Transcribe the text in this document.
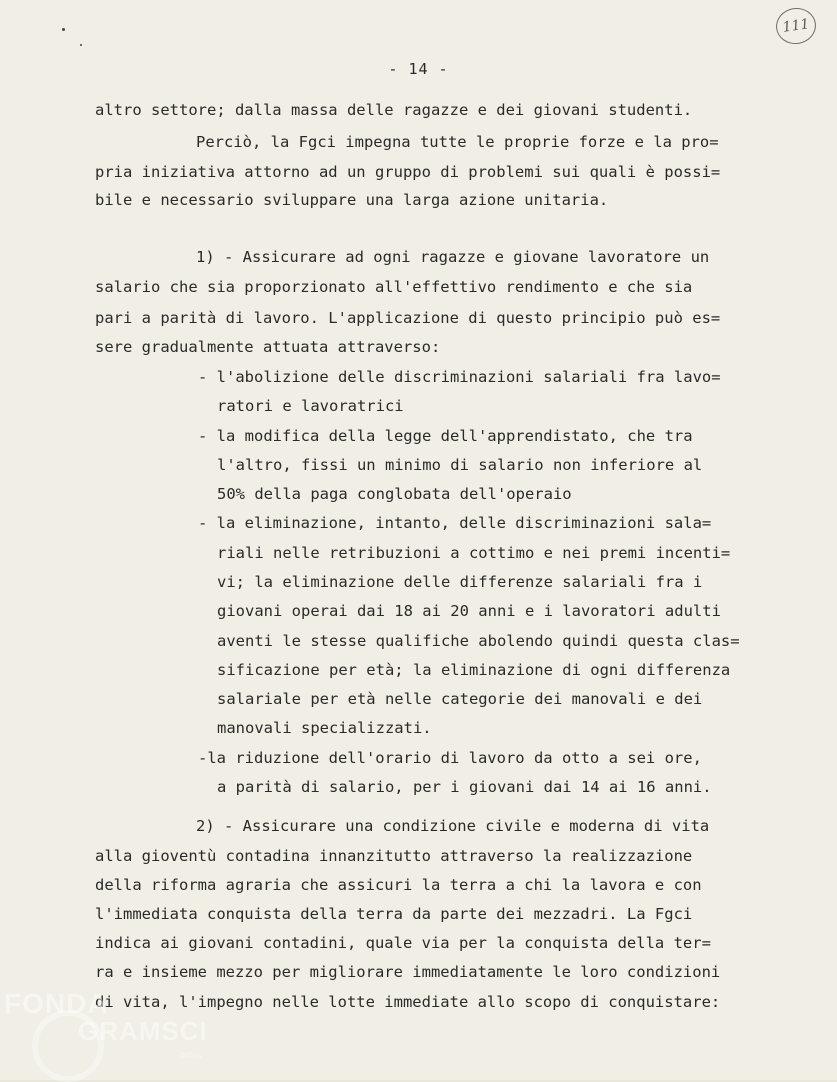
111
- 14 -
altro settore; dalla massa delle ragazze e dei giovani studenti.
Perciò, la Fgci impegna tutte le proprie forze e la pro=
pria iniziativa attorno ad un gruppo di problemi sui quali è possi=
bile e necessario sviluppare una larga azione unitaria.
1) - Assicurare ad ogni ragazze e giovane lavoratore un
salario che sia proporzionato all'effettivo rendimento e che sia
pari a parità di lavoro. L'applicazione di questo principio può es=
sere gradualmente attuata attraverso:
- l'abolizione delle discriminazioni salariali fra lavo=
ratori e lavoratrici
- la modifica della legge dell'apprendistato, che tra
l'altro, fissi un minimo di salario non inferiore al
50% della paga conglobata dell'operaio
- la eliminazione, intanto, delle discriminazioni sala=
riali nelle retribuzioni a cottimo e nei premi incenti=
vi; la eliminazione delle differenze salariali fra i
giovani operai dai 18 ai 20 anni e i lavoratori adulti
aventi le stesse qualifiche abolendo quindi questa clas=
sificazione per età; la eliminazione di ogni differenza
salariale per età nelle categorie dei manovali e dei
manovali specializzati.
-la riduzione dell'orario di lavoro da otto a sei ore,
a parità di salario, per i giovani dai 14 ai 16 anni.
2) - Assicurare una condizione civile e moderna di vita
alla gioventù contadina innanzitutto attraverso la realizzazione
della riforma agraria che assicuri la terra a chi la lavora e con
l'immediata conquista della terra da parte dei mezzadri. La Fgci
indica ai giovani contadini, quale via per la conquista della ter=
ra e insieme mezzo per migliorare immediatamente le loro condizioni
di vita, l'impegno nelle lotte immediate allo scopo di conquistare:
FONDA
GRAMSCI
onlus
